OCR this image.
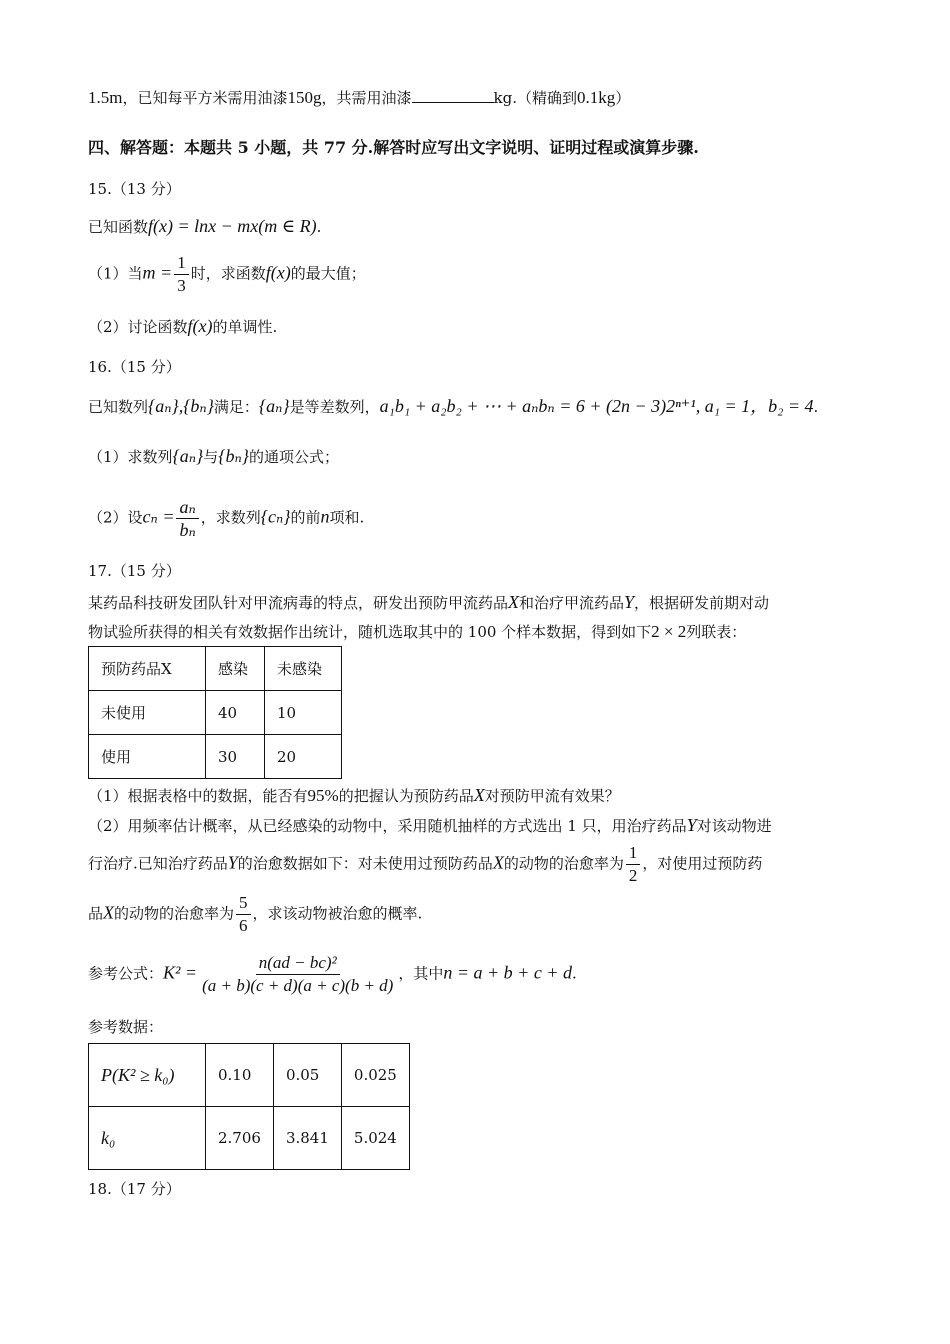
1.5m，已知每平方米需用油漆150g，共需用油漆	kg.（精确到0.1kg）
四、解答题：本题共 5 小题，共 77 分.解答时应写出文字说明、证明过程或演算步骤.
15.（13 分）
已知函数f(x) = lnx − mx(m ∈ R).
（1）当$m = \frac{1}{3}$ 时，求函数f(x)的最大值；
（2）讨论函数f(x)的单调性.
16.（15 分）
已知数列{aₙ},{bₙ}满足：{aₙ}是等差数列，a₁b₁ + a₂b₂ + ⋯ + aₙbₙ = 6 + (2n − 3)2ⁿ⁺¹, a₁ = 1，b₂ = 4.
（1）求数列{aₙ}与{bₙ}的通项公式；
（2）设$c_n = \frac{\text{aₙ}}{\text{bₙ}}$ ，求数列{cₙ}的前n项和.
17.（15 分）
某药品科技研发团队针对甲流病毒的特点，研发出预防甲流药品X和治疗甲流药品Y，根据研发前期对动
物试验所获得的相关有效数据作出统计，随机选取其中的 100 个样本数据，得到如下2 × 2列联表：
预防药品X	感染	未感染
未使用	40	10
使用	30	20
（1）根据表格中的数据，能否有95%的把握认为预防药品X对预防甲流有效果？
（2）用频率估计概率，从已经感染的动物中，采用随机抽样的方式选出 1 只，用治疗药品Y对该动物进
行治疗.已知治疗药品Y的治愈数据如下：对未使用过预防药品X的动物的治愈率为 $\frac{1}{2}$ ，对使用过预防药
品X的动物的治愈率为 $\frac{5}{6}$ ，求该动物被治愈的概率.
参考公式：$K^2 = \frac{\text{n(ad − bc)²}}{(a + b)(c + d)(a + c)(b + d)}$ ，其中n = a + b + c + d.
参考数据：
P(K² ≥ k₀)	0.10	0.05	0.025
k₀	2.706	3.841	5.024
18.（17 分）
